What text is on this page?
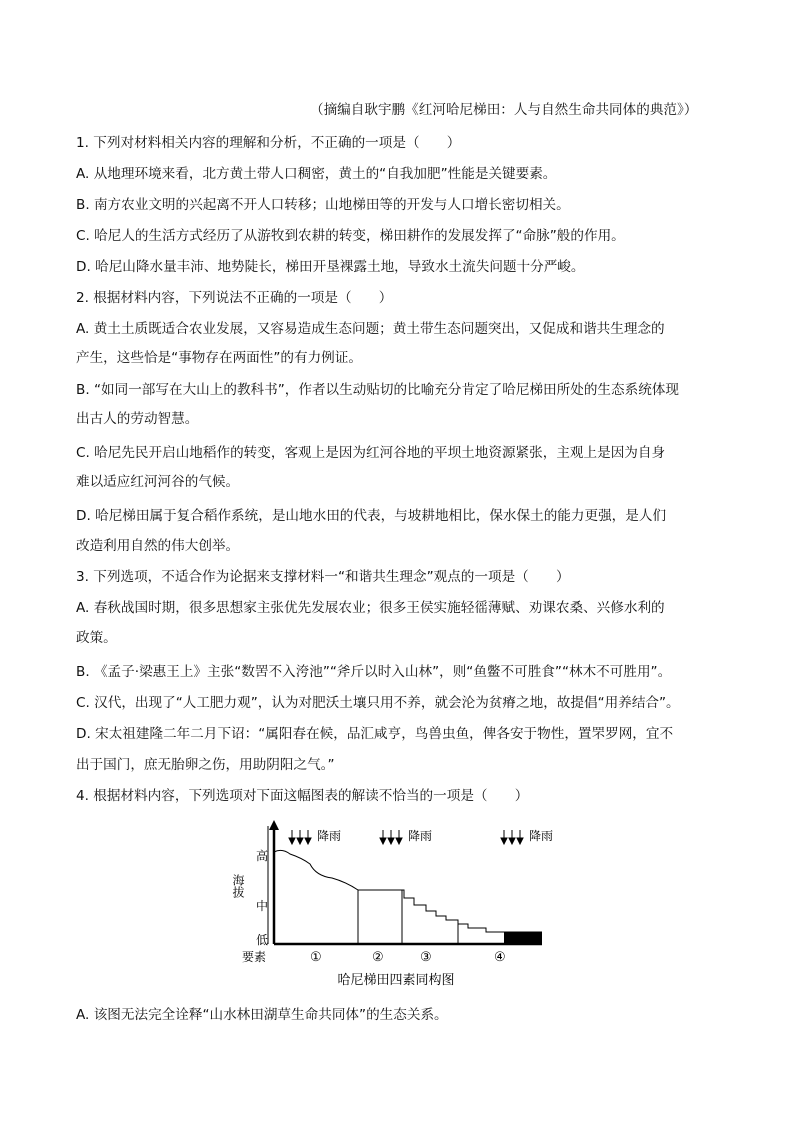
（摘编自耿宇鹏《红河哈尼梯田：人与自然生命共同体的典范》）
1. 下列对材料相关内容的理解和分析，不正确的一项是（　　）
A. 从地理环境来看，北方黄土带人口稠密，黄土的“自我加肥”性能是关键要素。
B. 南方农业文明的兴起离不开人口转移；山地梯田等的开发与人口增长密切相关。
C. 哈尼人的生活方式经历了从游牧到农耕的转变，梯田耕作的发展发挥了“命脉”般的作用。
D. 哈尼山降水量丰沛、地势陡长，梯田开垦裸露土地，导致水土流失问题十分严峻。
2. 根据材料内容，下列说法不正确的一项是（　　）
A. 黄土土质既适合农业发展，又容易造成生态问题；黄土带生态问题突出，又促成和谐共生理念的
产生，这些恰是“事物存在两面性”的有力例证。
B. “如同一部写在大山上的教科书”，作者以生动贴切的比喻充分肯定了哈尼梯田所处的生态系统体现
出古人的劳动智慧。
C. 哈尼先民开启山地稻作的转变，客观上是因为红河谷地的平坝土地资源紧张，主观上是因为自身
难以适应红河河谷的气候。
D. 哈尼梯田属于复合稻作系统，是山地水田的代表，与坡耕地相比，保水保土的能力更强，是人们
改造利用自然的伟大创举。
3. 下列选项，不适合作为论据来支撑材料一“和谐共生理念”观点的一项是（　　）
A. 春秋战国时期，很多思想家主张优先发展农业；很多王侯实施轻徭薄赋、劝课农桑、兴修水利的
政策。
B. 《孟子·梁惠王上》主张“数罟不入洿池”“斧斤以时入山林”，则“鱼鳖不可胜食”“林木不可胜用”。
C. 汉代，出现了“人工肥力观”，认为对肥沃土壤只用不养，就会沦为贫瘠之地，故提倡“用养结合”。
D. 宋太祖建隆二年二月下诏：“属阳春在候，品汇咸亨，鸟兽虫鱼，俾各安于物性，置罘罗网，宜不
出于国门，庶无胎卵之伤，用助阴阳之气。”
4. 根据材料内容，下列选项对下面这幅图表的解读不恰当的一项是（　　）
A. 该图无法完全诠释“山水林田湖草生命共同体”的生态关系。
降雨	降雨	降雨
高
中
低
海拔
要素	①	②	③	④
哈尼梯田四素同构图
